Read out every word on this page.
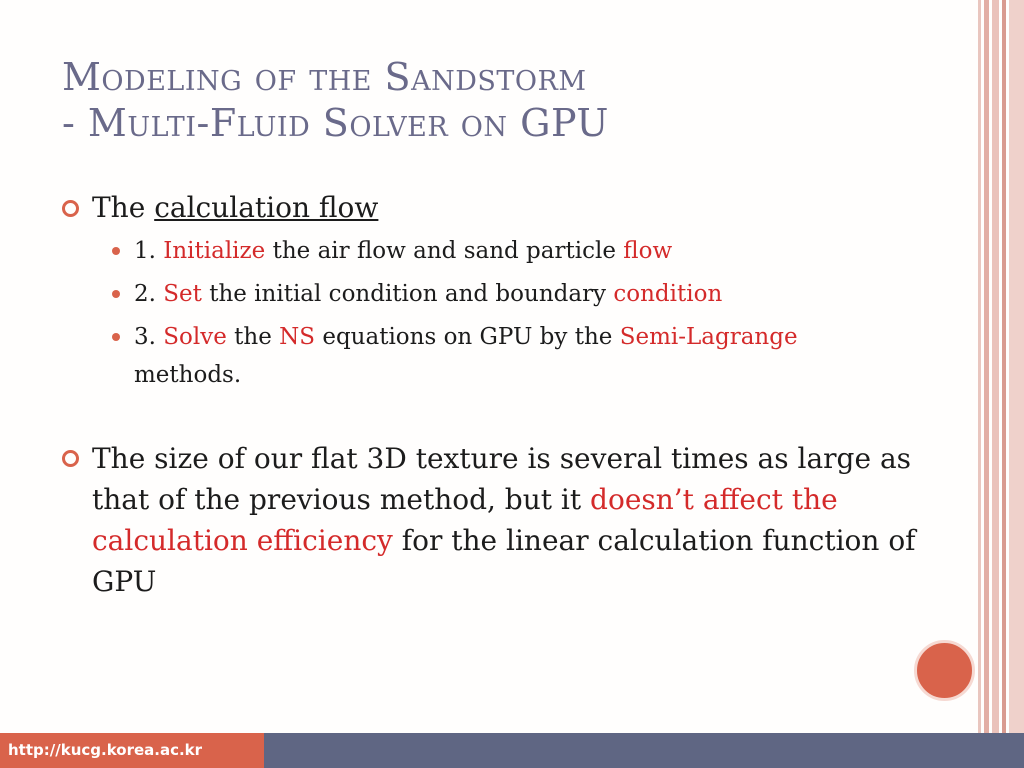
Modeling of the Sandstorm
- Multi-Fluid Solver on GPU
The calculation flow
1. Initialize the air flow and sand particle flow
2. Set the initial condition and boundary condition
3. Solve the NS equations on GPU by the Semi-Lagrange
methods.
The size of our flat 3D texture is several times as large as that of the previous method, but it doesn’t affect the calculation efficiency for the linear calculation function of GPU
http://kucg.korea.ac.kr
